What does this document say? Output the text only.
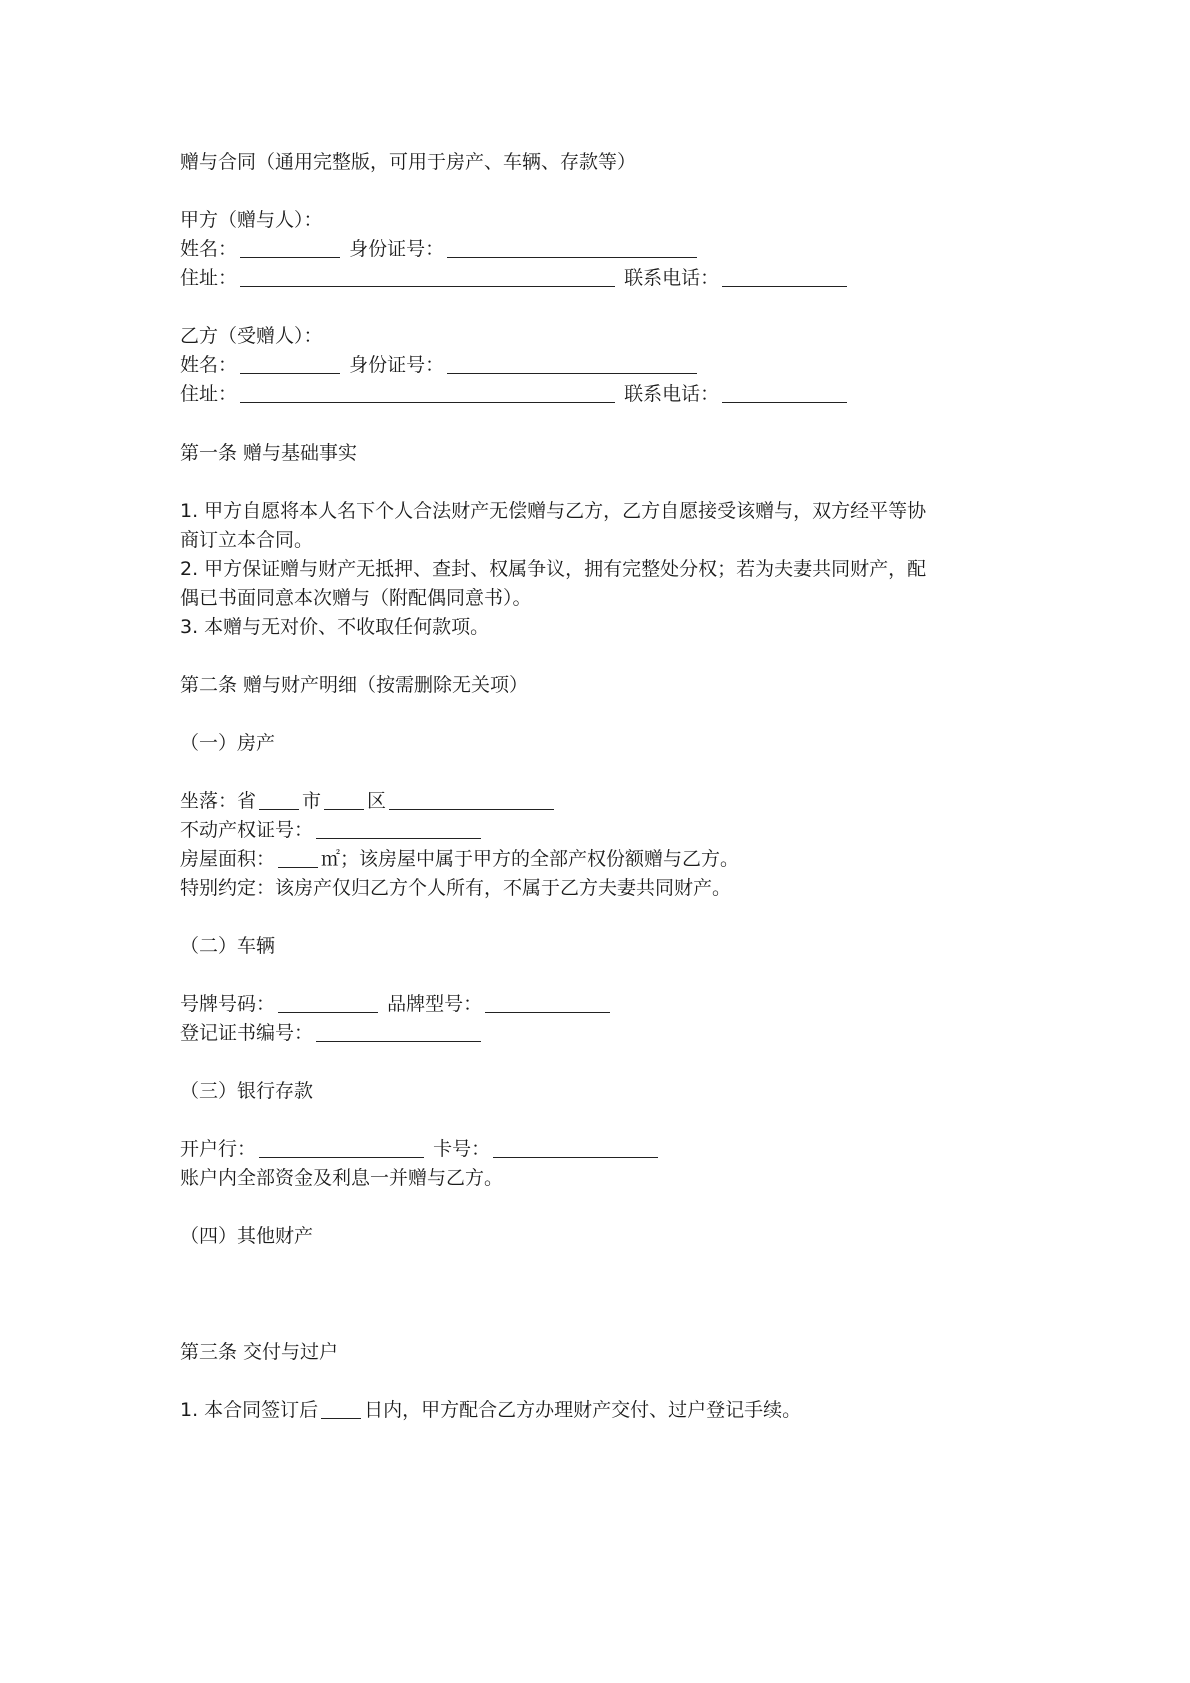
赠与合同（通用完整版，可用于房产、车辆、存款等）

甲方（赠与人）：

姓名：	身份证号：

住址：	联系电话：

乙方（受赠人）：

姓名：	身份证号：

住址：	联系电话：

第一条 赠与基础事实

1. 甲方自愿将本人名下个人合法财产无偿赠与乙方，乙方自愿接受该赠与，双方经平等协

商订立本合同。

2. 甲方保证赠与财产无抵押、查封、权属争议，拥有完整处分权；若为夫妻共同财产，配

偶已书面同意本次赠与（附配偶同意书）。

3. 本赠与无对价、不收取任何款项。

第二条 赠与财产明细（按需删除无关项）

（一）房产

坐落：省 市 区

不动产权证号：

房屋面积： ㎡；该房屋中属于甲方的全部产权份额赠与乙方。

特别约定：该房产仅归乙方个人所有，不属于乙方夫妻共同财产。

（二）车辆

号牌号码：	品牌型号：

登记证书编号：

（三）银行存款

开户行：	卡号：

账户内全部资金及利息一并赠与乙方。

（四）其他财产

第三条 交付与过户

1. 本合同签订后 日内，甲方配合乙方办理财产交付、过户登记手续。
